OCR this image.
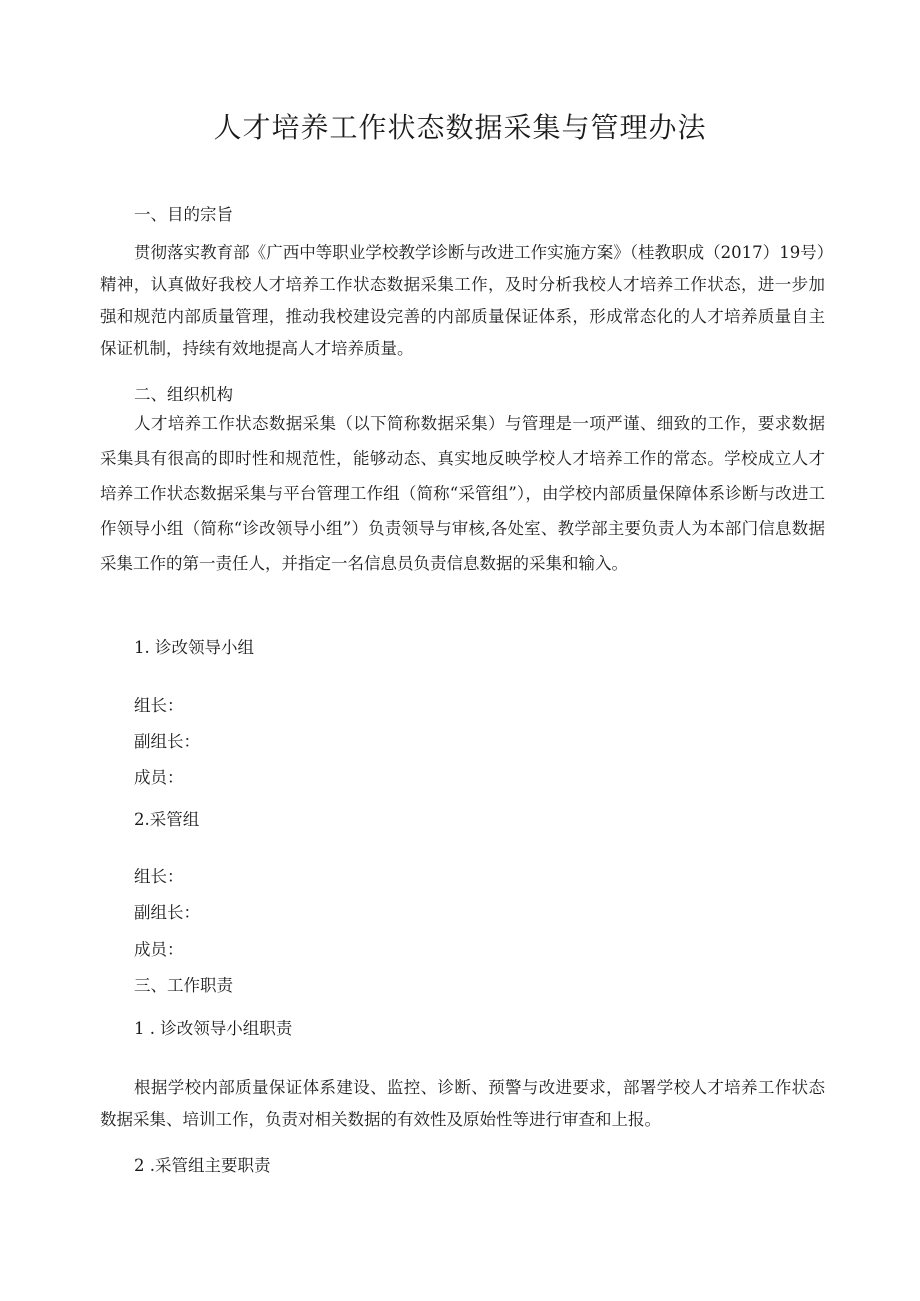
人才培养工作状态数据采集与管理办法
一、目的宗旨
贯彻落实教育部《广西中等职业学校教学诊断与改进工作实施方案》（桂教职成（2017）19号）精神，认真做好我校人才培养工作状态数据采集工作，及时分析我校人才培养工作状态，进一步加强和规范内部质量管理，推动我校建设完善的内部质量保证体系，形成常态化的人才培养质量自主保证机制，持续有效地提高人才培养质量。
二、组织机构
人才培养工作状态数据采集（以下简称数据采集）与管理是一项严谨、细致的工作，要求数据采集具有很高的即时性和规范性，能够动态、真实地反映学校人才培养工作的常态。学校成立人才培养工作状态数据采集与平台管理工作组（简称“采管组”），由学校内部质量保障体系诊断与改进工作领导小组（简称“诊改领导小组”）负责领导与审核,各处室、教学部主要负责人为本部门信息数据采集工作的第一责任人，并指定一名信息员负责信息数据的采集和输入。
1. 诊改领导小组
组长：
副组长：
成员：
2.采管组
组长：
副组长：
成员：
三、工作职责
1 . 诊改领导小组职责
根据学校内部质量保证体系建设、监控、诊断、预警与改进要求，部署学校人才培养工作状态数据采集、培训工作，负责对相关数据的有效性及原始性等进行审查和上报。
2 .采管组主要职责
